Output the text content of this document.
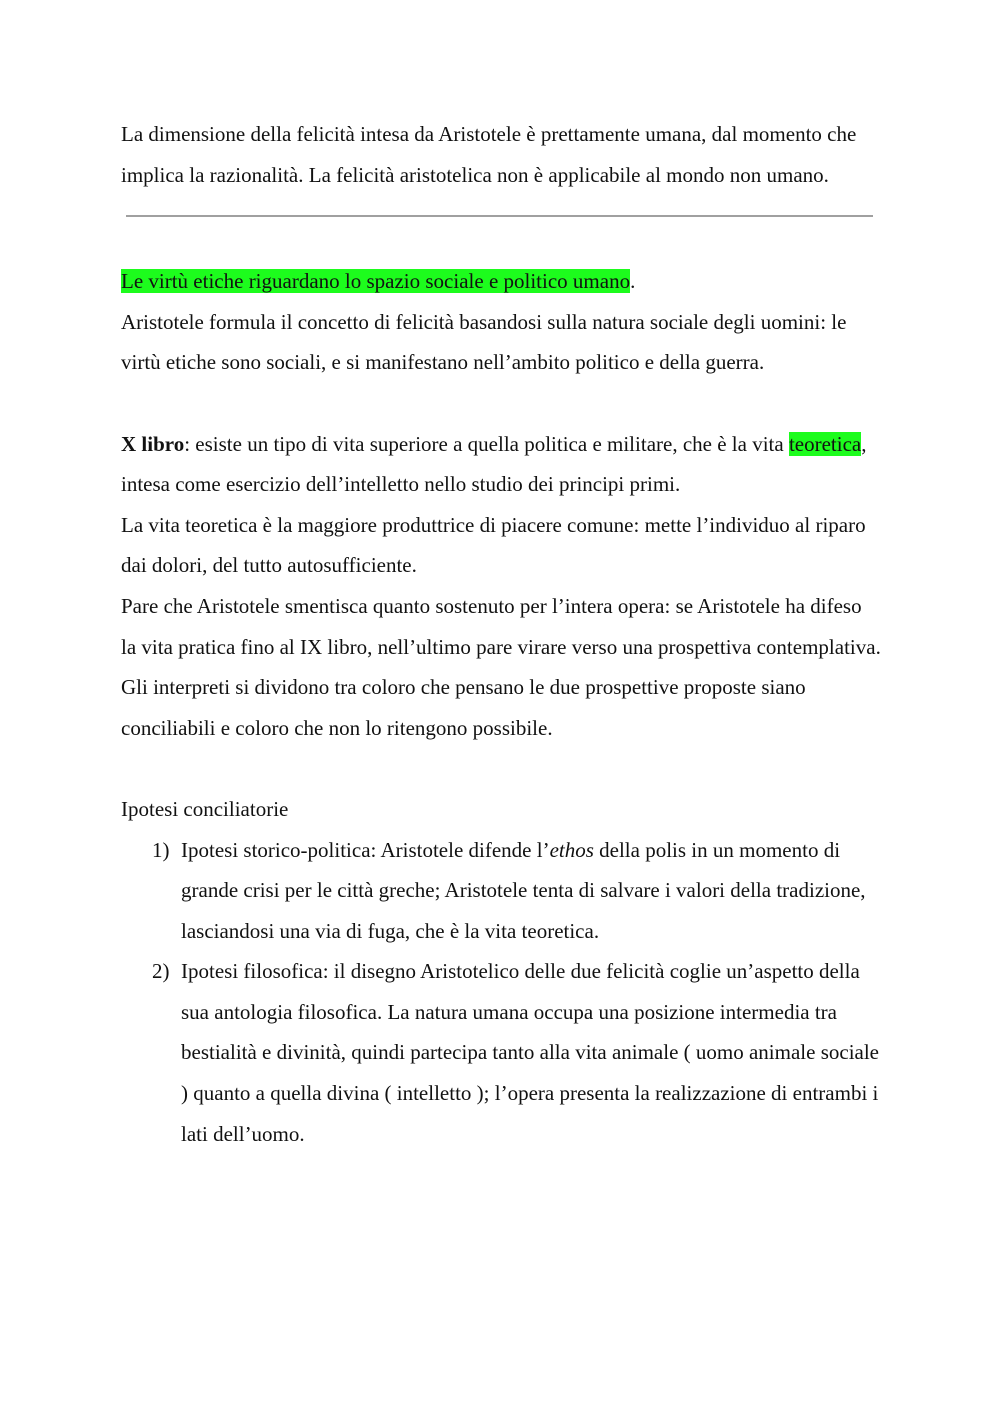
La dimensione della felicità intesa da Aristotele è prettamente umana, dal momento che implica la razionalità. La felicità aristotelica non è applicabile al mondo non umano.

Le virtù etiche riguardano lo spazio sociale e politico umano.

Aristotele formula il concetto di felicità basandosi sulla natura sociale degli uomini: le virtù etiche sono sociali, e si manifestano nell’ambito politico e della guerra.

X libro: esiste un tipo di vita superiore a quella politica e militare, che è la vita teoretica, intesa come esercizio dell’intelletto nello studio dei principi primi.

La vita teoretica è la maggiore produttrice di piacere comune: mette l’individuo al riparo dai dolori, del tutto autosufficiente.

Pare che Aristotele smentisca quanto sostenuto per l’intera opera: se Aristotele ha difeso la vita pratica fino al IX libro, nell’ultimo pare virare verso una prospettiva contemplativa.

Gli interpreti si dividono tra coloro che pensano le due prospettive proposte siano conciliabili e coloro che non lo ritengono possibile.

Ipotesi conciliatorie

1) Ipotesi storico-politica: Aristotele difende l’ethos della polis in un momento di grande crisi per le città greche; Aristotele tenta di salvare i valori della tradizione, lasciandosi una via di fuga, che è la vita teoretica.
2) Ipotesi filosofica: il disegno Aristotelico delle due felicità coglie un’aspetto della sua antologia filosofica. La natura umana occupa una posizione intermedia tra bestialità e divinità, quindi partecipa tanto alla vita animale ( uomo animale sociale ) quanto a quella divina ( intelletto ); l’opera presenta la realizzazione di entrambi i lati dell’uomo.
